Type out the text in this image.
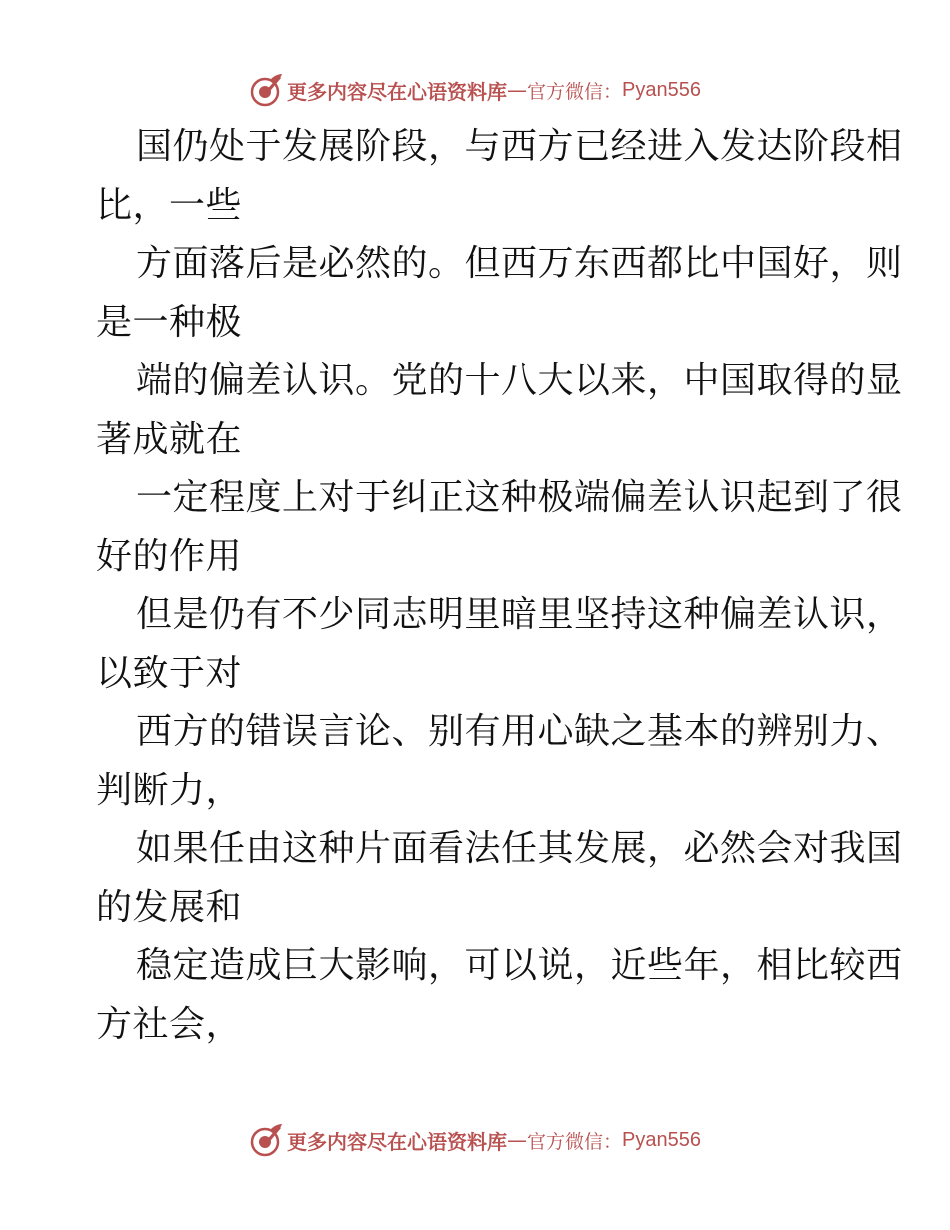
更多内容尽在心语资料库 — 官方微信： Pyan556
国仍处于发展阶段，与西方已经进入发达阶段相
比，一些
方面落后是必然的。但西万东西都比中国好，则
是一种极
端的偏差认识。党的十八大以来，中国取得的显
著成就在
一定程度上对于纠正这种极端偏差认识起到了很
好的作用
但是仍有不少同志明里暗里坚持这种偏差认识，
以致于对
西方的错误言论、别有用心缺之基本的辨别力、
判断力，
如果任由这种片面看法任其发展，必然会对我国
的发展和
稳定造成巨大影响，可以说，近些年，相比较西
方社会，
更多内容尽在心语资料库 — 官方微信： Pyan556
